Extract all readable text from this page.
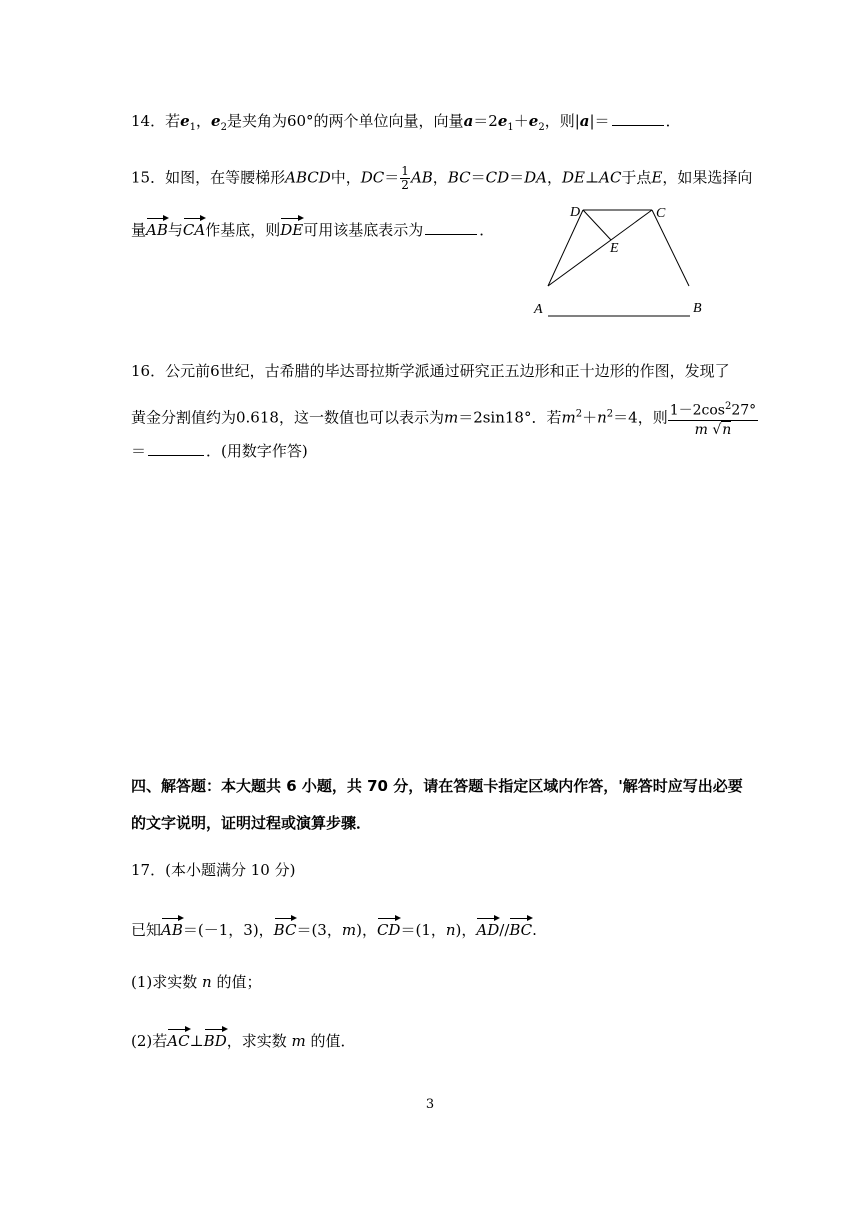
14．若$e_1$，$e_2$是夹角为60°的两个单位向量，向量$a=2e_1+e_2$，则|a|＝	．
15．如图，在等腰梯形ABCD中，$DC= \frac{1}{2}$ AB，BC＝CD＝DA，DE⊥AC于点E，如果选择向
量AB与CA作基底，则DE可用该基底表示为	．
D	C
E
A	B
16．公元前6世纪，古希腊的毕达哥拉斯学派通过研究正五边形和正十边形的作图，发现了
黄金分割值约为0.618，这一数值也可以表示为m＝2sin18°．若$m^2+n^2=4$，则 $\frac{1-2\cos^227^\circ}{m √n}$
＝	．(用数字作答)
四、解答题：本大题共 6 小题，共 70 分，请在答题卡指定区域内作答，'解答时应写出必要
的文字说明，证明过程或演算步骤．
17．(本小题满分 10 分)
已知AB＝(－1，3)，BC＝(3，m)，CD＝(1，n)，AD//BC.
(1)求实数 n 的值；
(2)若AC⊥BD，求实数 m 的值．
3
